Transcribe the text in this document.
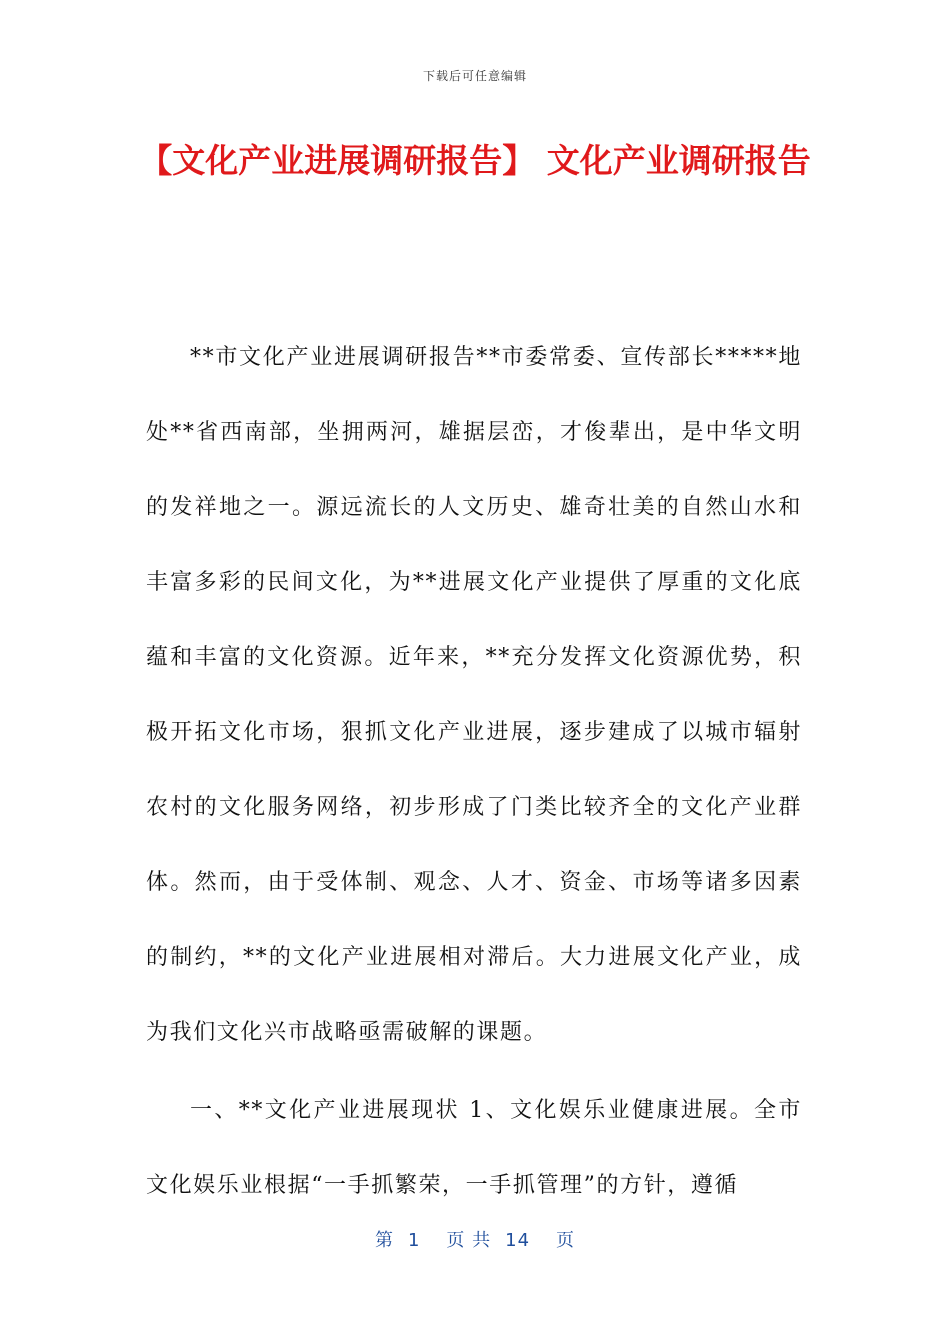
下载后可任意编辑
【文化产业进展调研报告】 文化产业调研报告

**市文化产业进展调研报告**市委常委、宣传部长*****地处**省西南部，坐拥两河，雄据层峦，才俊辈出，是中华文明的发祥地之一。源远流长的人文历史、雄奇壮美的自然山水和丰富多彩的民间文化，为**进展文化产业提供了厚重的文化底蕴和丰富的文化资源。近年来，**充分发挥文化资源优势，积极开拓文化市场，狠抓文化产业进展，逐步建成了以城市辐射农村的文化服务网络，初步形成了门类比较齐全的文化产业群体。然而，由于受体制、观念、人才、资金、市场等诸多因素的制约，**的文化产业进展相对滞后。大力进展文化产业，成为我们文化兴市战略亟需破解的课题。

一、**文化产业进展现状 1、文化娱乐业健康进展。全市文化娱乐业根据“一手抓繁荣，一手抓管理”的方针，遵循

第 1 页 共 14 页
